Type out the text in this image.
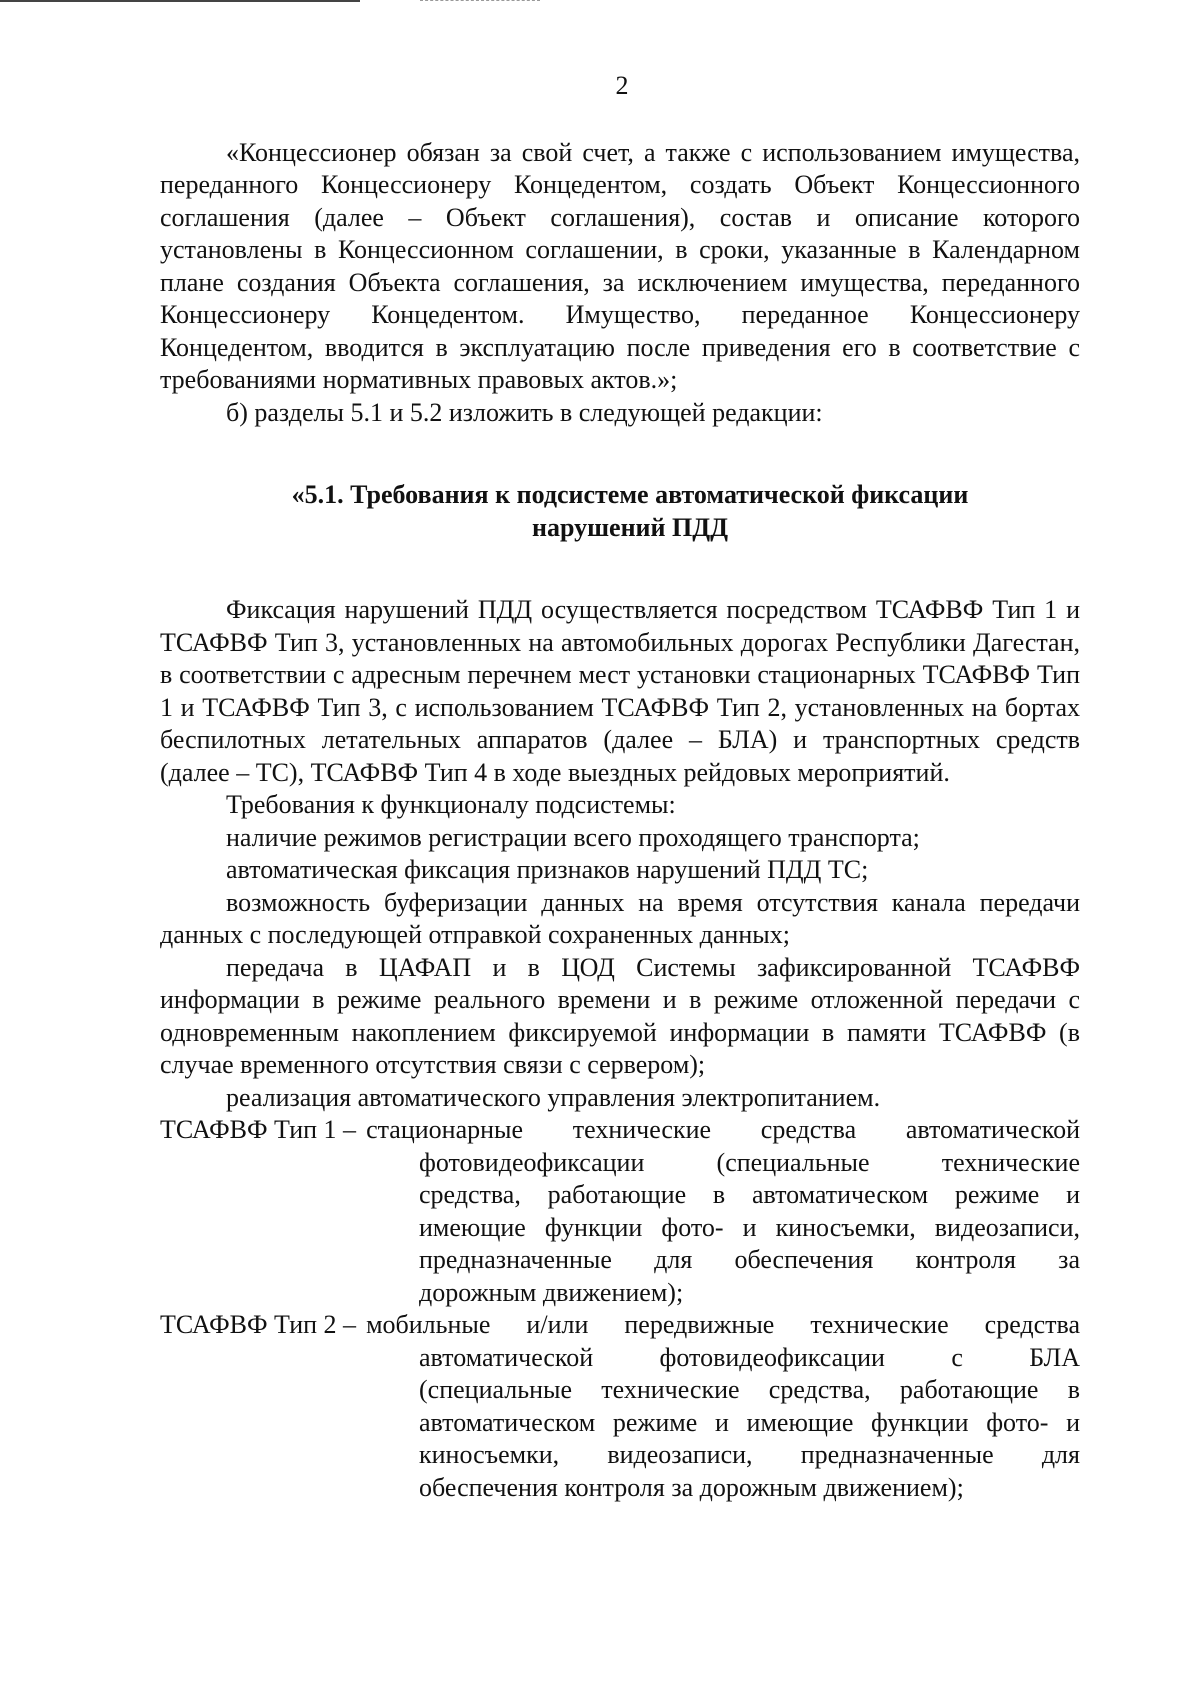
2

«Концессионер обязан за свой счет, а также с использованием имущества, переданного Концессионеру Концедентом, создать Объект Концессионного соглашения (далее – Объект соглашения), состав и описание которого установлены в Концессионном соглашении, в сроки, указанные в Календарном плане создания Объекта соглашения, за исключением имущества, переданного Концессионеру Концедентом. Имущество, переданное Концессионеру Концедентом, вводится в эксплуатацию после приведения его в соответствие с требованиями нормативных правовых актов.»;

б) разделы 5.1 и 5.2 изложить в следующей редакции:

«5.1. Требования к подсистеме автоматической фиксации
нарушений ПДД

Фиксация нарушений ПДД осуществляется посредством ТСАФВФ Тип 1 и ТСАФВФ Тип 3, установленных на автомобильных дорогах Республики Дагестан, в соответствии с адресным перечнем мест установки стационарных ТСАФВФ Тип 1 и ТСАФВФ Тип 3, с использованием ТСАФВФ Тип 2, установленных на бортах беспилотных летательных аппаратов (далее – БЛА) и транспортных средств (далее – ТС), ТСАФВФ Тип 4 в ходе выездных рейдовых мероприятий.

Требования к функционалу подсистемы:

наличие режимов регистрации всего проходящего транспорта;

автоматическая фиксация признаков нарушений ПДД ТС;

возможность буферизации данных на время отсутствия канала передачи данных с последующей отправкой сохраненных данных;

передача в ЦАФАП и в ЦОД Системы зафиксированной ТСАФВФ информации в режиме реального времени и в режиме отложенной передачи с одновременным накоплением фиксируемой информации в памяти ТСАФВФ (в случае временного отсутствия связи с сервером);

реализация автоматического управления электропитанием.

ТСАФВФ Тип 1 – стационарные технические средства автоматической
фотовидеофиксации (специальные технические
средства, работающие в автоматическом режиме и
имеющие функции фото- и киносъемки, видеозаписи,
предназначенные для обеспечения контроля за
дорожным движением);
ТСАФВФ Тип 2 – мобильные и/или передвижные технические средства
автоматической фотовидеофиксации с БЛА
(специальные технические средства, работающие в
автоматическом режиме и имеющие функции фото- и
киносъемки, видеозаписи, предназначенные для
обеспечения контроля за дорожным движением);
